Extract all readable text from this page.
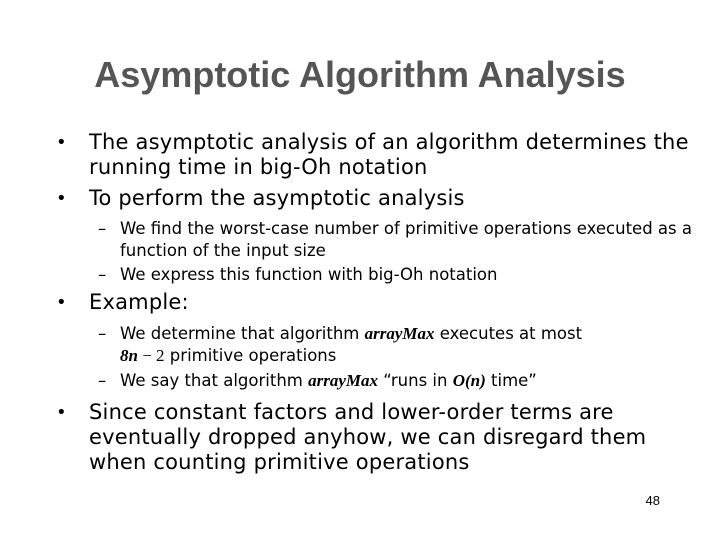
Asymptotic Algorithm Analysis
•	The asymptotic analysis of an algorithm determines the running time in big-Oh notation
•	To perform the asymptotic analysis
– We find the worst-case number of primitive operations executed as a function of the input size
– We express this function with big-Oh notation
•	Example:
– We determine that algorithm arrayMax executes at most
8n − 2 primitive operations
– We say that algorithm arrayMax “runs in O(n) time”
•	Since constant factors and lower-order terms are eventually dropped anyhow, we can disregard them when counting primitive operations
48
